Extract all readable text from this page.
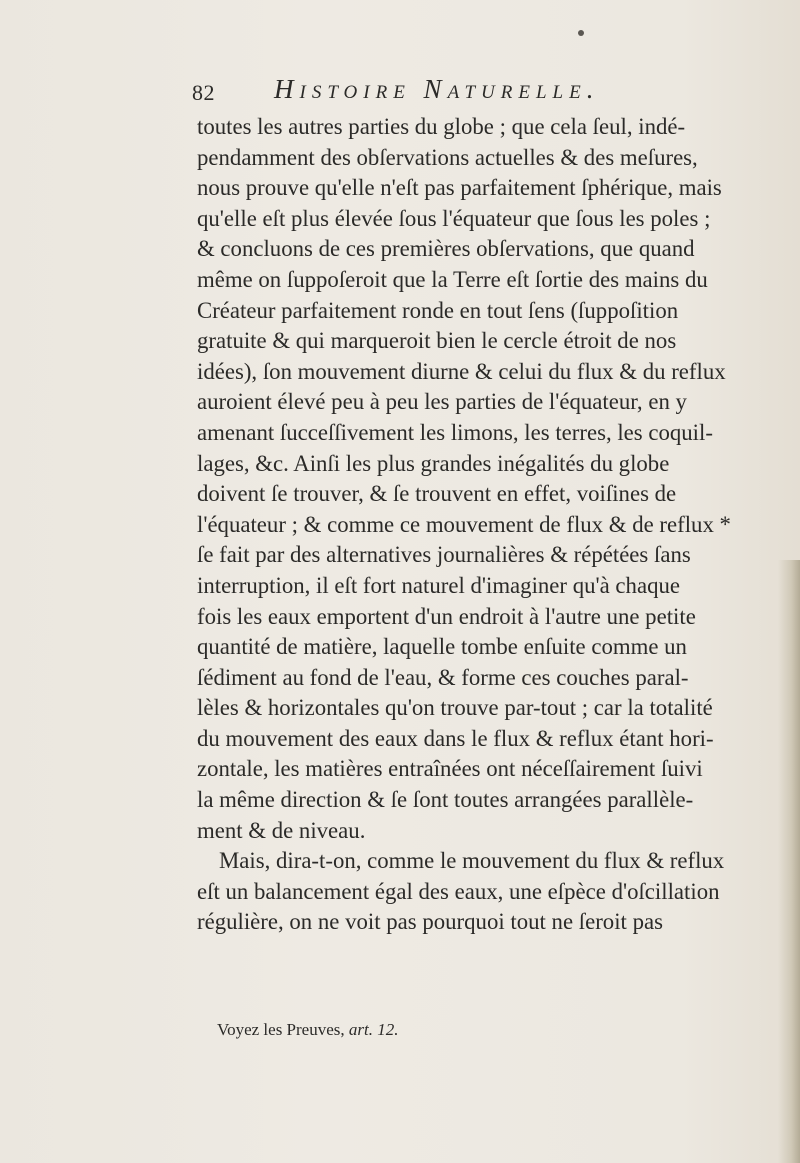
82 Histoire Naturelle.
toutes les autres parties du globe ; que cela ſeul, indé-
pendamment des obſervations actuelles & des meſures,
nous prouve qu'elle n'eſt pas parfaitement ſphérique, mais
qu'elle eſt plus élevée ſous l'équateur que ſous les poles ;
& concluons de ces premières obſervations, que quand
même on ſuppoſeroit que la Terre eſt ſortie des mains du
Créateur parfaitement ronde en tout ſens (ſuppoſition
gratuite & qui marqueroit bien le cercle étroit de nos
idées), ſon mouvement diurne & celui du flux & du reflux
auroient élevé peu à peu les parties de l'équateur, en y
amenant ſucceſſivement les limons, les terres, les coquil-
lages, &c. Ainſi les plus grandes inégalités du globe
doivent ſe trouver, & ſe trouvent en effet, voiſines de
l'équateur ; & comme ce mouvement de flux & de reflux *
ſe fait par des alternatives journalières & répétées ſans
interruption, il eſt fort naturel d'imaginer qu'à chaque
fois les eaux emportent d'un endroit à l'autre une petite
quantité de matière, laquelle tombe enſuite comme un
ſédiment au fond de l'eau, & forme ces couches paral-
lèles & horizontales qu'on trouve par-tout ; car la totalité
du mouvement des eaux dans le flux & reflux étant hori-
zontale, les matières entraînées ont néceſſairement ſuivi
la même direction & ſe ſont toutes arrangées parallèle-
ment & de niveau.
Mais, dira-t-on, comme le mouvement du flux & reflux
eſt un balancement égal des eaux, une eſpèce d'oſcillation
régulière, on ne voit pas pourquoi tout ne ſeroit pas
Voyez les Preuves, art. 12.
